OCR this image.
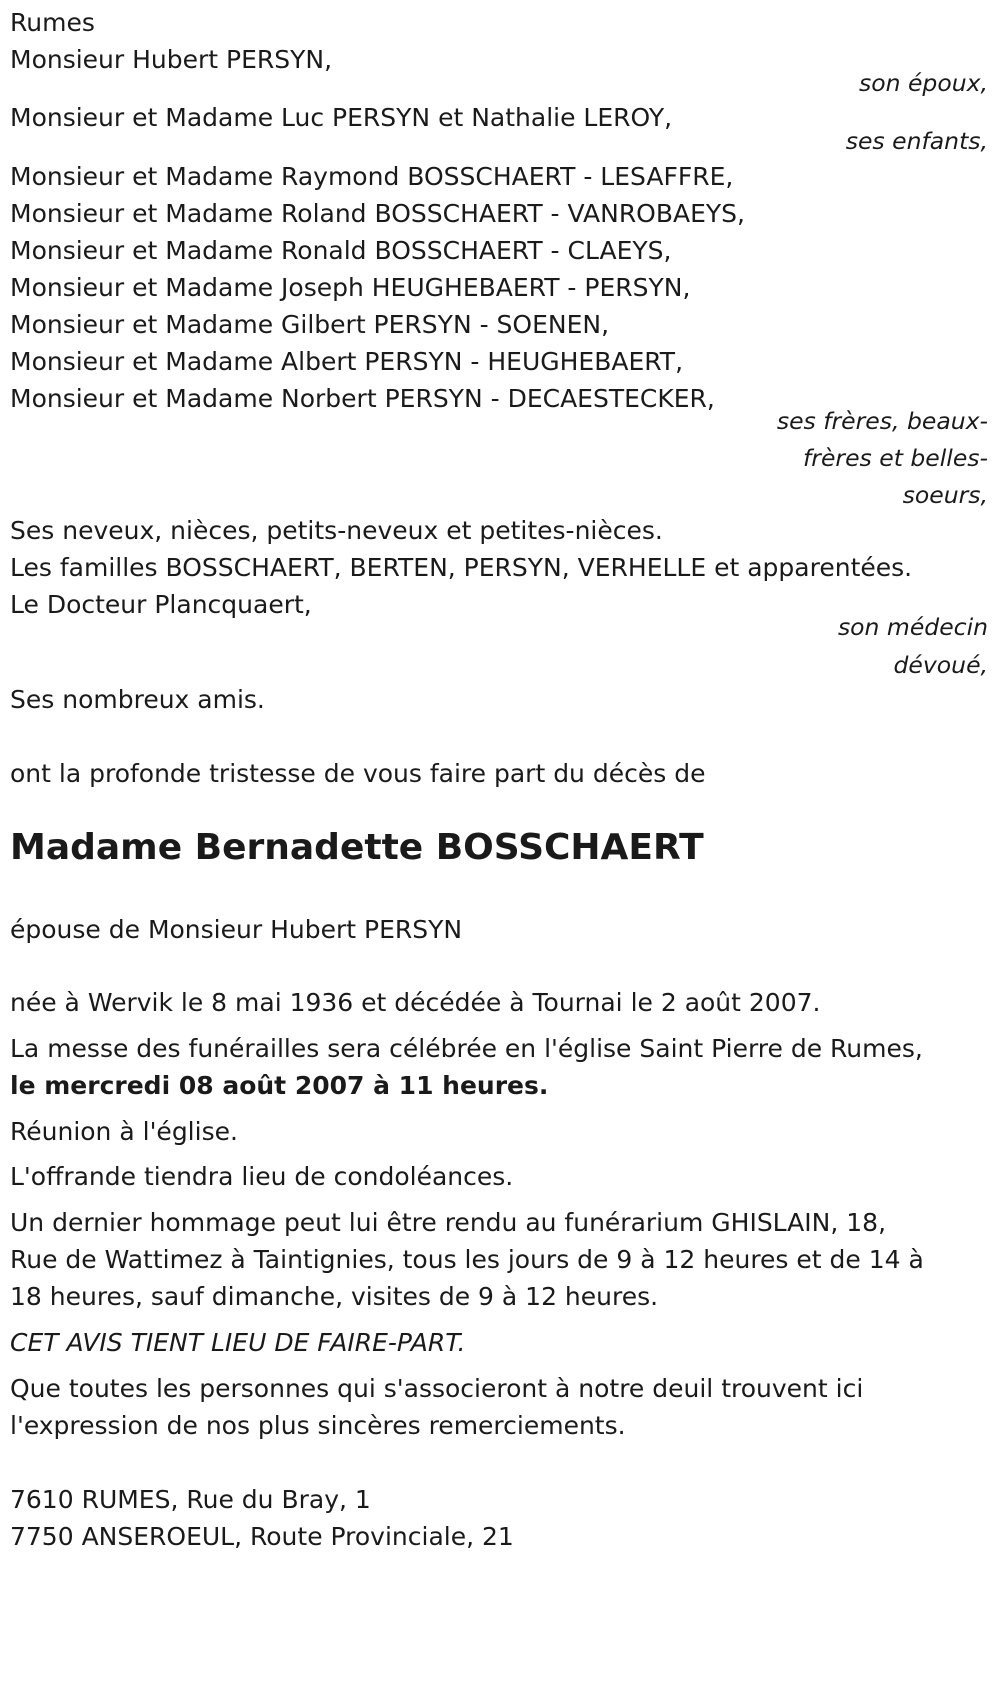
Rumes
Monsieur Hubert PERSYN,
son époux,
Monsieur et Madame Luc PERSYN et Nathalie LEROY,
ses enfants,
Monsieur et Madame Raymond BOSSCHAERT - LESAFFRE,
Monsieur et Madame Roland BOSSCHAERT - VANROBAEYS,
Monsieur et Madame Ronald BOSSCHAERT - CLAEYS,
Monsieur et Madame Joseph HEUGHEBAERT - PERSYN,
Monsieur et Madame Gilbert PERSYN - SOENEN,
Monsieur et Madame Albert PERSYN - HEUGHEBAERT,
Monsieur et Madame Norbert PERSYN - DECAESTECKER,
ses frères, beaux-
frères et belles-
soeurs,
Ses neveux, nièces, petits-neveux et petites-nièces.
Les familles BOSSCHAERT, BERTEN, PERSYN, VERHELLE et apparentées.
Le Docteur Plancquaert,
son médecin
dévoué,
Ses nombreux amis.
ont la profonde tristesse de vous faire part du décès de
Madame Bernadette BOSSCHAERT
épouse de Monsieur Hubert PERSYN
née à Wervik le 8 mai 1936 et décédée à Tournai le 2 août 2007.
La messe des funérailles sera célébrée en l'église Saint Pierre de Rumes,
le mercredi 08 août 2007 à 11 heures.
Réunion à l'église.
L'offrande tiendra lieu de condoléances.
Un dernier hommage peut lui être rendu au funérarium GHISLAIN, 18,
Rue de Wattimez à Taintignies, tous les jours de 9 à 12 heures et de 14 à
18 heures, sauf dimanche, visites de 9 à 12 heures.
CET AVIS TIENT LIEU DE FAIRE-PART.
Que toutes les personnes qui s'associeront à notre deuil trouvent ici
l'expression de nos plus sincères remerciements.
7610 RUMES, Rue du Bray, 1
7750 ANSEROEUL, Route Provinciale, 21
